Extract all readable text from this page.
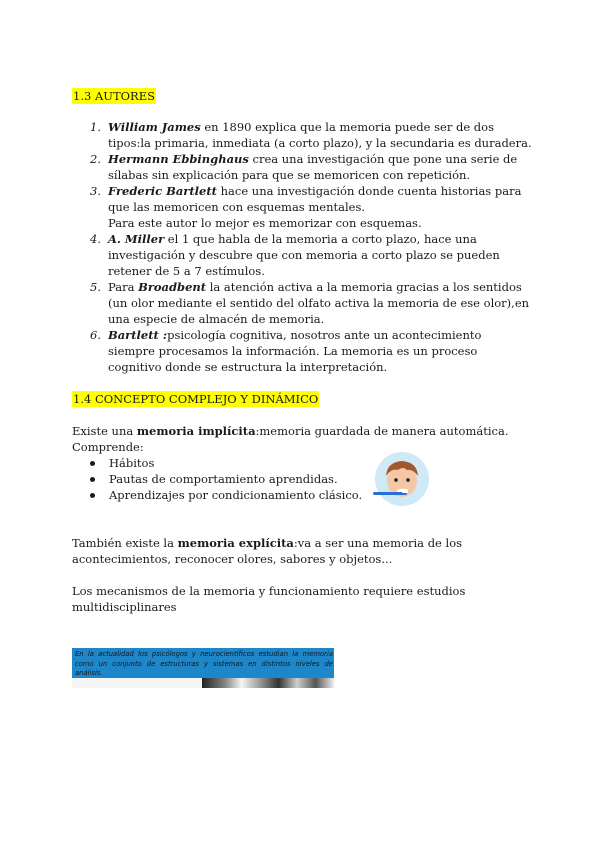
1.3 AUTORES
1. William James en 1890 explica que la memoria puede ser de dos tipos:la primaria, inmediata (a corto plazo), y la secundaria es duradera.
2. Hermann Ebbinghaus crea una investigación que pone una serie de sílabas sin explicación para que se memoricen con repetición.
3. Frederic Bartlett hace una investigación donde cuenta historias para que las memoricen con esquemas mentales.
Para este autor lo mejor es memorizar con esquemas.
4. A. Miller el 1 que habla de la memoria a corto plazo, hace una investigación y descubre que con memoria a corto plazo se pueden retener de 5 a 7 estímulos.
5. Para Broadbent la atención activa a la memoria gracias a los sentidos (un olor mediante el sentido del olfato activa la memoria de ese olor),en una especie de almacén de memoria.
6. Bartlett :psicología cognitiva, nosotros ante un acontecimiento siempre procesamos la información. La memoria es un proceso cognitivo donde se estructura la interpretación.
1.4 CONCEPTO COMPLEJO Y DINÁMICO

Existe una memoria implícita:memoria guardada de manera automática.
Comprende:

Hábitos
Pautas de comportamiento aprendidas.
Aprendizajes por condicionamiento clásico.

También existe la memoria explícita:va a ser una memoria de los acontecimientos, reconocer olores, sabores y objetos...

Los mecanismos de la memoria y funcionamiento requiere estudios multidisciplinares

En la actualidad los psicólogos y neurocientíficos estudian la memoria como un conjunto de estructuras y sistemas en distintos niveles de análisis.
